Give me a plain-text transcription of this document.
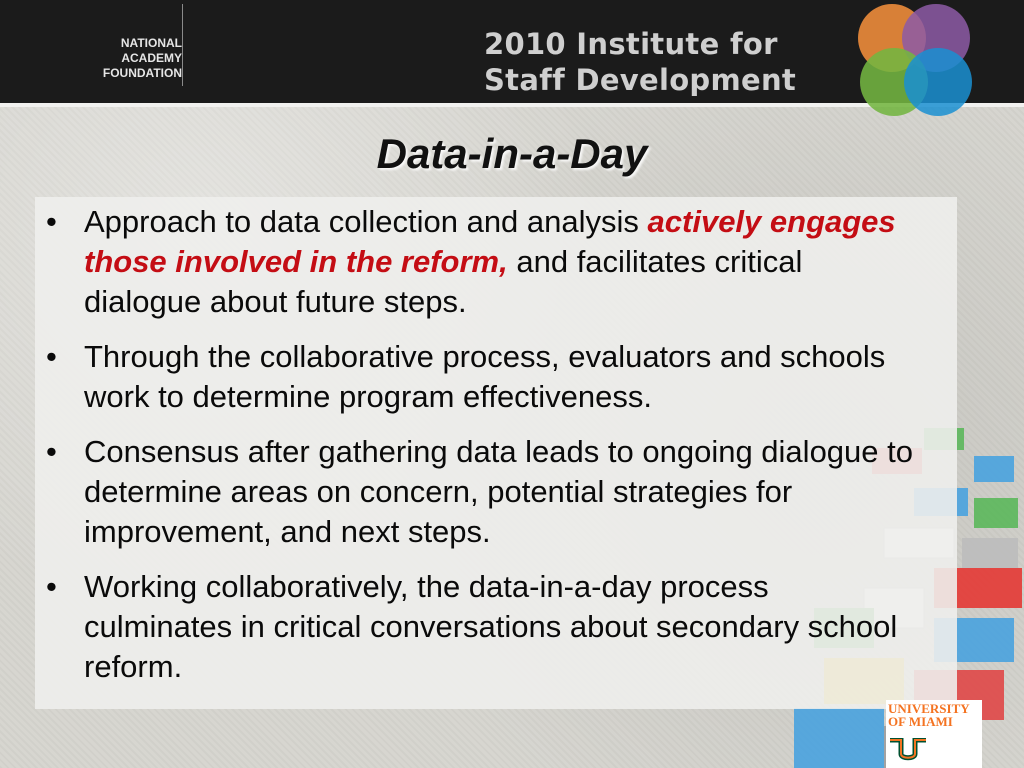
NATIONAL
ACADEMY
FOUNDATION
2010 Institute for
Staff Development
Data-in-a-Day
• Approach to data collection and analysis actively engages those involved in the reform, and facilitates critical dialogue about future steps.
• Through the collaborative process, evaluators and schools work to determine program effectiveness.
• Consensus after gathering data leads to ongoing dialogue to determine areas on concern, potential strategies for improvement, and next steps.
• Working collaboratively, the data-in-a-day process culminates in critical conversations about secondary school reform.
UNIVERSITY
OF MIAMI
